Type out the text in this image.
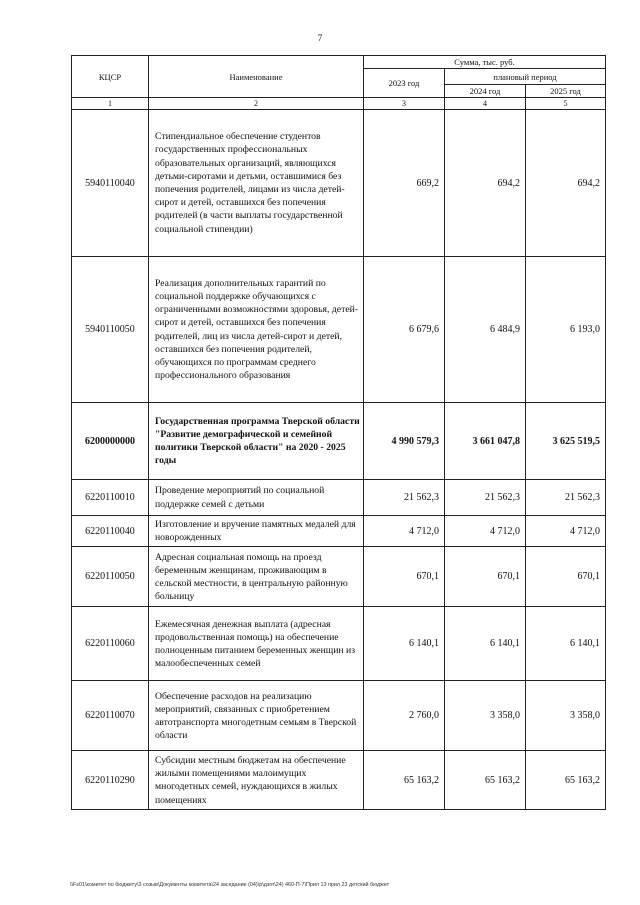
7
КЦСР	Наименование	Сумма, тыс. руб.		
		2023 год	плановый период	
			2024 год	2025 год
1	2	3	4	5
5940110040	Стипендиальное обеспечение студентов государственных профессиональных образовательных организаций, являющихся детьми-сиротами и детьми, оставшимися без попечения родителей, лицами из числа детей-сирот и детей, оставшихся без попечения родителей (в части выплаты государственной социальной стипендии)	669,2	694,2	694,2
5940110050	Реализация дополнительных гарантий по социальной поддержке обучающихся с ограниченными возможностями здоровья, детей-сирот и детей, оставшихся без попечения родителей, лиц из числа детей-сирот и детей, оставшихся без попечения родителей, обучающихся по программам среднего профессионального образования	6 679,6	6 484,9	6 193,0
6200000000	Государственная программа Тверской области "Развитие демографической и семейной политики Тверской области" на 2020 - 2025 годы	4 990 579,3	3 661 047,8	3 625 519,5
6220110010	Проведение мероприятий по социальной поддержке семей с детьми	21 562,3	21 562,3	21 562,3
6220110040	Изготовление и вручение памятных медалей для новорожденных	4 712,0	4 712,0	4 712,0
6220110050	Адресная социальная помощь на проезд беременным женщинам, проживающим в сельской местности, в центральную районную больницу	670,1	670,1	670,1
6220110060	Ежемесячная денежная выплата (адресная продовольственная помощь) на обеспечение полноценным питанием беременных женщин из малообеспеченных семей	6 140,1	6 140,1	6 140,1
6220110070	Обеспечение расходов на реализацию мероприятий, связанных с приобретением автотранспорта многодетным семьям в Тверской области	2 760,0	3 358,0	3 358,0
6220110290	Субсидии местным бюджетам на обеспечение жилыми помещениями малоимущих многодетных семей, нуждающихся в жилых помещениях	65 163,2	65 163,2	65 163,2
\\Fs01\комитет по бюджету\3 созыв\Документы комитета\24 заседание (04)\р\дзгп\24) 460-П-7\Прил 13 прил 23 детский бюджет
